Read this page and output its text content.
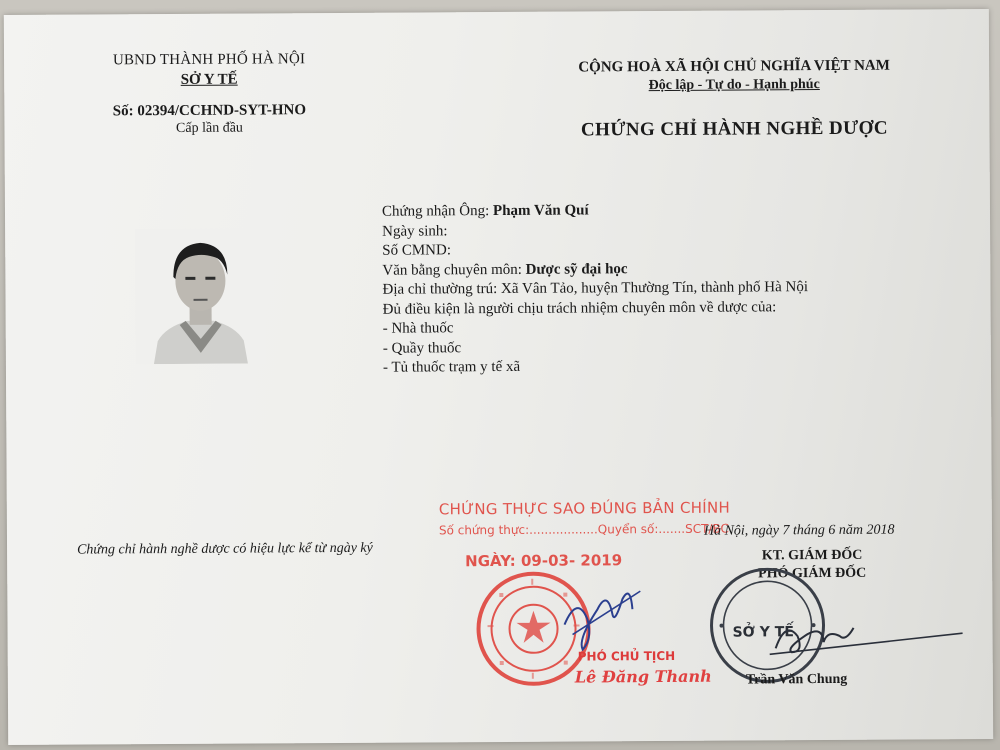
UBND THÀNH PHỐ HÀ NỘI
SỞ Y TẾ
Số: 02394/CCHND-SYT-HNO
Cấp lần đầu
CỘNG HOÀ XÃ HỘI CHỦ NGHĨA VIỆT NAM
Độc lập - Tự do - Hạnh phúc
CHỨNG CHỈ HÀNH NGHỀ DƯỢC
Chứng nhận Ông: Phạm Văn Quí
Ngày sinh:
Số CMND:
Văn bằng chuyên môn: Dược sỹ đại học
Địa chỉ thường trú: Xã Vân Tảo, huyện Thường Tín, thành phố Hà Nội
Đủ điều kiện là người chịu trách nhiệm chuyên môn về dược của:
- Nhà thuốc
- Quầy thuốc
- Tủ thuốc trạm y tế xã
CHỨNG THỰC SAO ĐÚNG BẢN CHÍNH
Số chứng thực:..................Quyển số:.......SCT/BC
NGÀY: 09-03- 2019
Chứng chỉ hành nghề dược có hiệu lực kể từ ngày ký
Hà Nội, ngày 7 tháng 6 năm 2018
KT. GIÁM ĐỐC
PHÓ GIÁM ĐỐC
PHÓ CHỦ TỊCH
Lê Đăng Thanh
SỞ Y TẾ
Trần Văn Chung
